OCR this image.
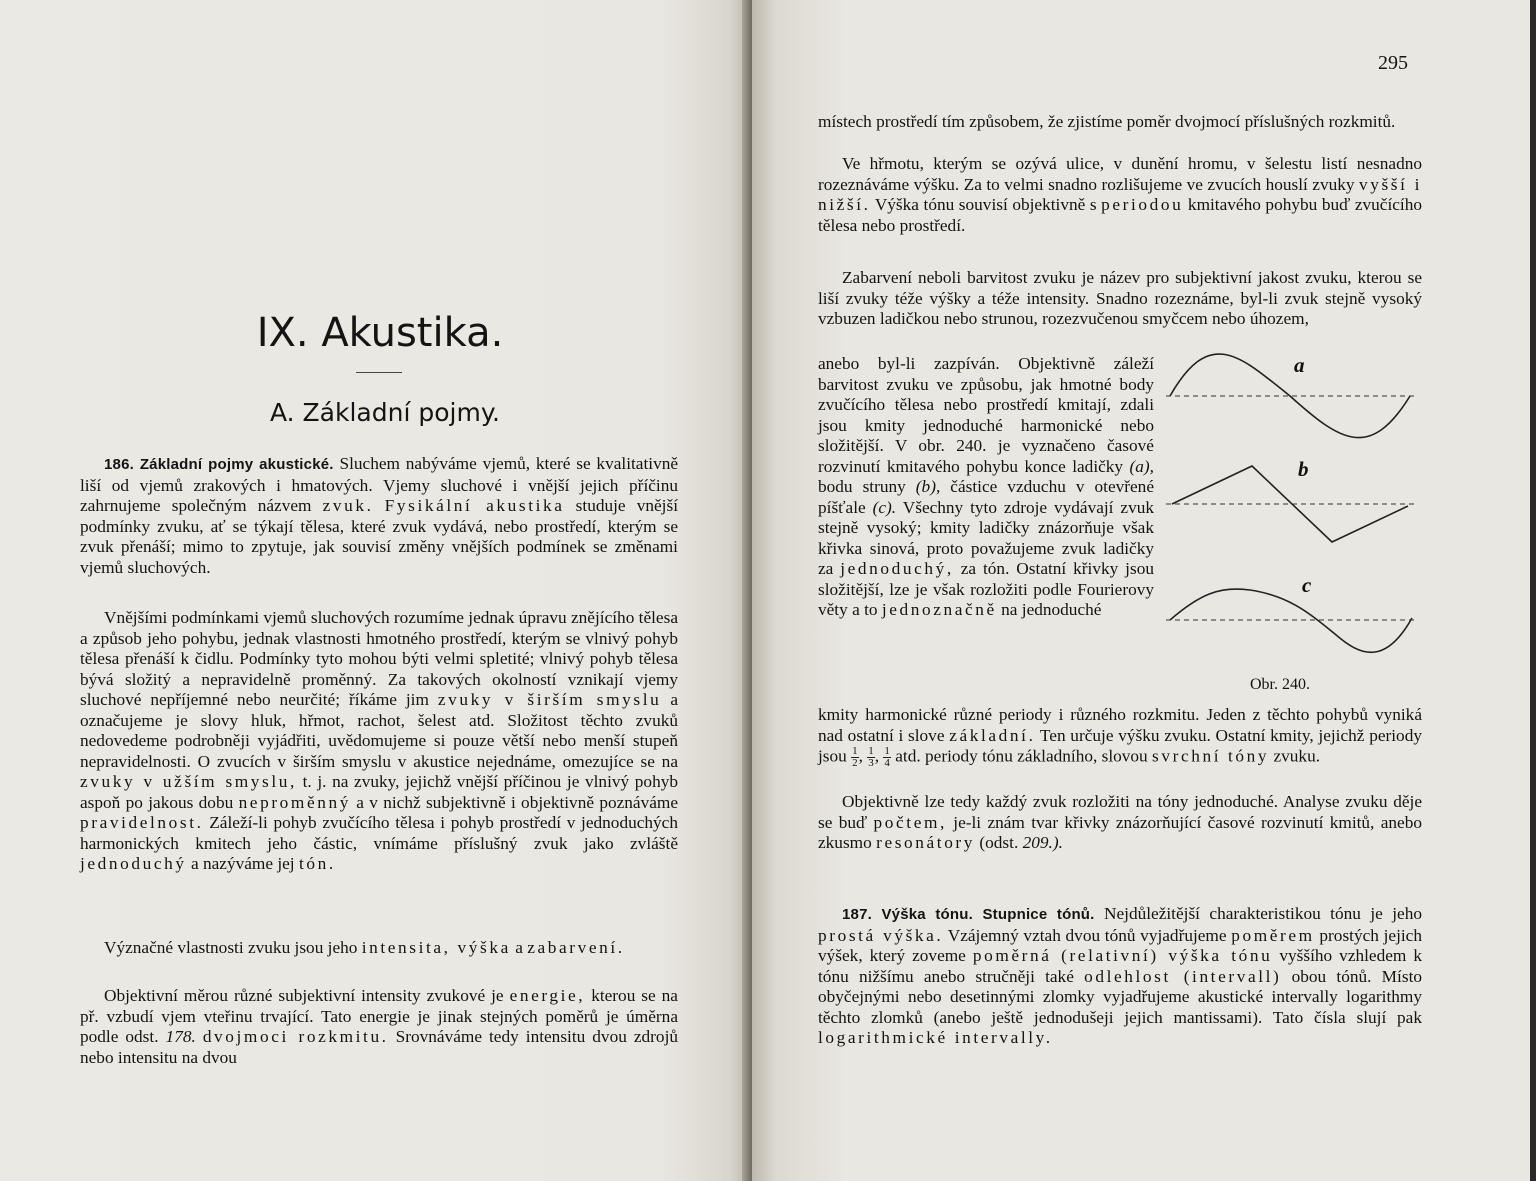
IX. Akustika.
A. Základní pojmy.

186. Základní pojmy akustické. Sluchem nabýváme vjemů, které se kvalitativně liší od vjemů zrakových i hmatových. Vjemy sluchové i vnější jejich příčinu zahrnujeme společným názvem zvuk. Fysikální akustika studuje vnější podmínky zvuku, ať se týkají tělesa, které zvuk vydává, nebo prostředí, kterým se zvuk přenáší; mimo to zpytuje, jak souvisí změny vnějších podmínek se změnami vjemů sluchových.

Vnějšími podmínkami vjemů sluchových rozumíme jednak úpravu znějícího tělesa a způsob jeho pohybu, jednak vlastnosti hmotného prostředí, kterým se vlnivý pohyb tělesa přenáší k čidlu. Podmínky tyto mohou býti velmi spletité; vlnivý pohyb tělesa bývá složitý a nepravidelně proměnný. Za takových okolností vznikají vjemy sluchové nepříjemné nebo neurčité; říkáme jim zvuky v širším smyslu a označujeme je slovy hluk, hřmot, rachot, šelest atd. Složitost těchto zvuků nedovedeme podrobněji vyjádřiti, uvědomujeme si pouze větší nebo menší stupeň nepravidelnosti. O zvucích v širším smyslu v akustice nejednáme, omezujíce se na zvuky v užším smyslu, t. j. na zvuky, jejichž vnější příčinou je vlnivý pohyb aspoň po jakous dobu neproměnný a v nichž subjektivně i objektivně poznáváme pravidelnost. Záleží-li pohyb zvučícího tělesa i pohyb prostředí v jednoduchých harmonických kmitech jeho částic, vnímáme příslušný zvuk jako zvláště jednoduchý a nazýváme jej tón.

Význačné vlastnosti zvuku jsou jeho intensita, výška a zabarvení.

Objektivní měrou různé subjektivní intensity zvukové je energie, kterou se na př. vzbudí vjem vteřinu trvající. Tato energie je jinak stejných poměrů je úměrna podle odst. 178. dvojmoci rozkmitu. Srovnáváme tedy intensitu dvou zdrojů nebo intensitu na dvou

295

místech prostředí tím způsobem, že zjistíme poměr dvojmocí příslušných rozkmitů.

Ve hřmotu, kterým se ozývá ulice, v dunění hromu, v šelestu listí nesnadno rozeznáváme výšku. Za to velmi snadno rozlišujeme ve zvucích houslí zvuky vyšší i nižší. Výška tónu souvisí objektivně s periodou kmitavého pohybu buď zvučícího tělesa nebo prostředí.

Zabarvení neboli barvitost zvuku je název pro subjektivní jakost zvuku, kterou se liší zvuky téže výšky a téže intensity. Snadno rozeznáme, byl-li zvuk stejně vysoký vzbuzen ladičkou nebo strunou, rozezvučenou smyčcem nebo úhozem,

anebo byl-li zazpíván. Objektivně záleží barvitost zvuku ve způsobu, jak hmotné body zvučícího tělesa nebo prostředí kmitají, zdali jsou kmity jednoduché harmonické nebo složitější. V obr. 240. je vyznačeno časové rozvinutí kmitavého pohybu konce ladičky (a), bodu struny (b), částice vzduchu v otevřené píšťale (c). Všechny tyto zdroje vydávají zvuk stejně vysoký; kmity ladičky znázorňuje však křivka sinová, proto považujeme zvuk ladičky za jednoduchý, za tón. Ostatní křivky jsou složitější, lze je však rozložiti podle Fourierovy věty a to jednoznačně na jednoduché

kmity harmonické různé periody i různého rozkmitu. Jeden z těchto pohybů vyniká nad ostatní i slove základní. Ten určuje výšku zvuku. Ostatní kmity, jejichž periody jsou $\frac{1}{2}$ , $\frac{1}{3}$ , $\frac{1}{4}$ atd. periody tónu základního, slovou svrchní tóny zvuku.

Objektivně lze tedy každý zvuk rozložiti na tóny jednoduché. Analyse zvuku děje se buď počtem, je-li znám tvar křivky znázorňující časové rozvinutí kmitů, anebo zkusmo resonátory (odst. 209.).

187. Výška tónu. Stupnice tónů. Nejdůležitější charakteristikou tónu je jeho prostá výška. Vzájemný vztah dvou tónů vyjadřujeme poměrem prostých jejich výšek, který zoveme poměrná (relativní) výška tónu vyššího vzhledem k tónu nižšímu anebo stručněji také odlehlost (intervall) obou tónů. Místo obyčejnými nebo desetinnými zlomky vyjadřujeme akustické intervally logarithmy těchto zlomků (anebo ještě jednodušeji jejich mantissami). Tato čísla slují pak logarithmické intervally.

a
b
c

Obr. 240.
